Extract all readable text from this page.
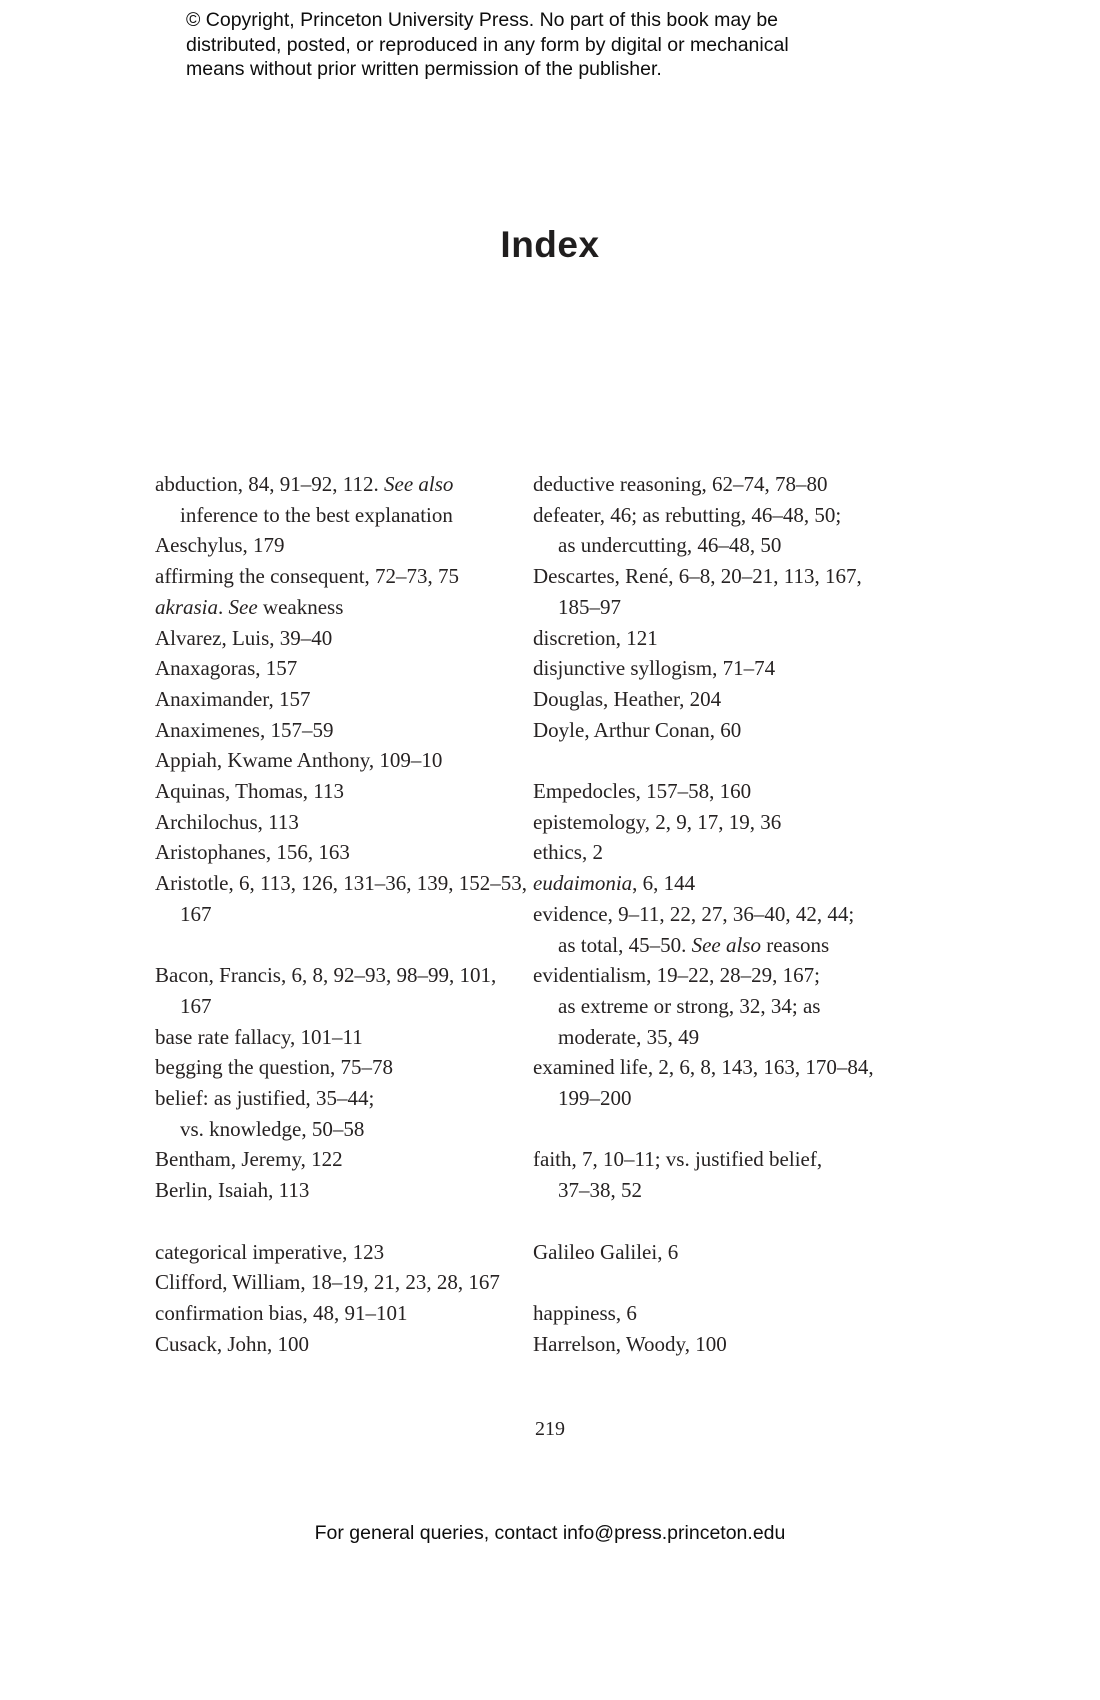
© Copyright, Princeton University Press. No part of this book may be
distributed, posted, or reproduced in any form by digital or mechanical
means without prior written permission of the publisher.
Index
abduction, 84, 91–92, 112. See also
inference to the best explanation
Aeschylus, 179
affirming the consequent, 72–73, 75
akrasia. See weakness
Alvarez, Luis, 39–40
Anaxagoras, 157
Anaximander, 157
Anaximenes, 157–59
Appiah, Kwame Anthony, 109–10
Aquinas, Thomas, 113
Archilochus, 113
Aristophanes, 156, 163
Aristotle, 6, 113, 126, 131–36, 139, 152–53,
167
Bacon, Francis, 6, 8, 92–93, 98–99, 101,
167
base rate fallacy, 101–11
begging the question, 75–78
belief: as justified, 35–44;
vs. knowledge, 50–58
Bentham, Jeremy, 122
Berlin, Isaiah, 113
categorical imperative, 123
Clifford, William, 18–19, 21, 23, 28, 167
confirmation bias, 48, 91–101
Cusack, John, 100
deductive reasoning, 62–74, 78–80
defeater, 46; as rebutting, 46–48, 50;
as undercutting, 46–48, 50
Descartes, René, 6–8, 20–21, 113, 167,
185–97
discretion, 121
disjunctive syllogism, 71–74
Douglas, Heather, 204
Doyle, Arthur Conan, 60
Empedocles, 157–58, 160
epistemology, 2, 9, 17, 19, 36
ethics, 2
eudaimonia, 6, 144
evidence, 9–11, 22, 27, 36–40, 42, 44;
as total, 45–50. See also reasons
evidentialism, 19–22, 28–29, 167;
as extreme or strong, 32, 34; as
moderate, 35, 49
examined life, 2, 6, 8, 143, 163, 170–84,
199–200
faith, 7, 10–11; vs. justified belief,
37–38, 52
Galileo Galilei, 6
happiness, 6
Harrelson, Woody, 100
219
For general queries, contact info@press.princeton.edu
